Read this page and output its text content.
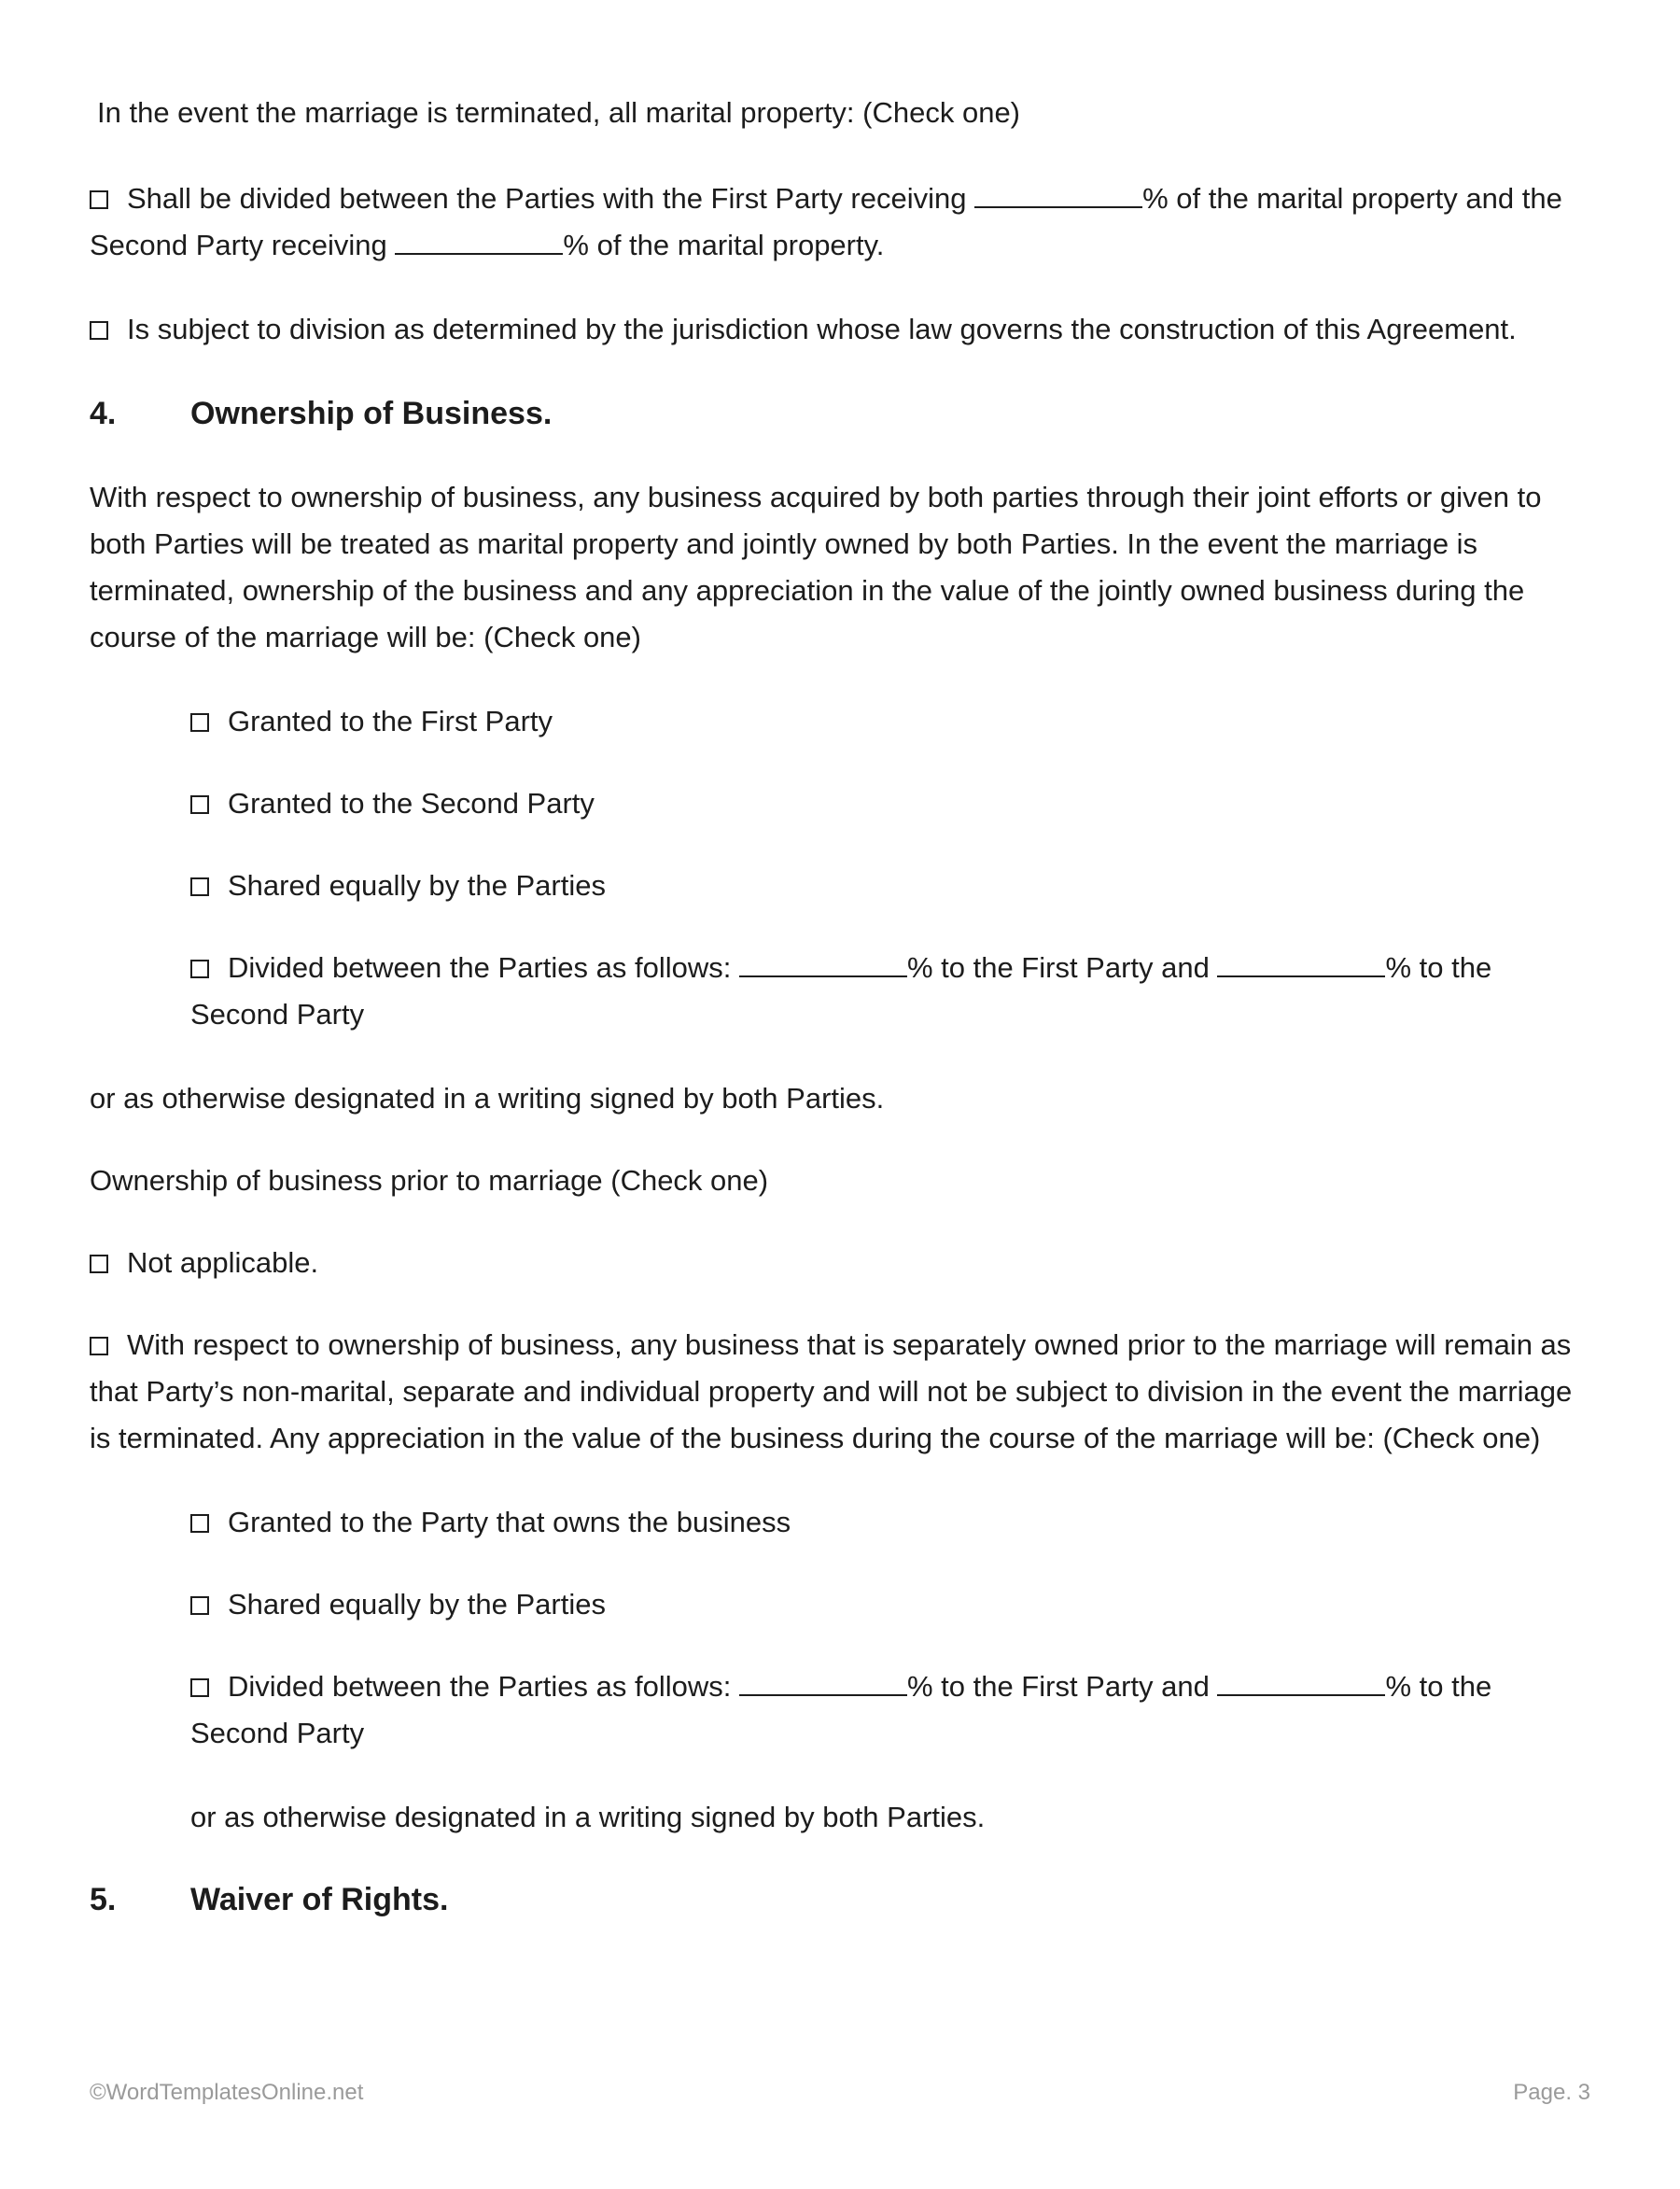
In the event the marriage is terminated, all marital property: (Check one)

Shall be divided between the Parties with the First Party receiving	% of the marital property and the Second Party receiving	% of the marital property.

Is subject to division as determined by the jurisdiction whose law governs the construction of this Agreement.

4.	Ownership of Business.

With respect to ownership of business, any business acquired by both parties through their joint efforts or given to both Parties will be treated as marital property and jointly owned by both Parties. In the event the marriage is terminated, ownership of the business and any appreciation in the value of the jointly owned business during the course of the marriage will be: (Check one)

Granted to the First Party

Granted to the Second Party

Shared equally by the Parties

Divided between the Parties as follows:	% to the First Party and	% to the Second Party

or as otherwise designated in a writing signed by both Parties.

Ownership of business prior to marriage (Check one)

Not applicable.

With respect to ownership of business, any business that is separately owned prior to the marriage will remain as that Party’s non-marital, separate and individual property and will not be subject to division in the event the marriage is terminated. Any appreciation in the value of the business during the course of the marriage will be: (Check one)

Granted to the Party that owns the business

Shared equally by the Parties

Divided between the Parties as follows:	% to the First Party and	% to the Second Party

or as otherwise designated in a writing signed by both Parties.

5.	Waiver of Rights.
©WordTemplatesOnline.net	Page. 3
